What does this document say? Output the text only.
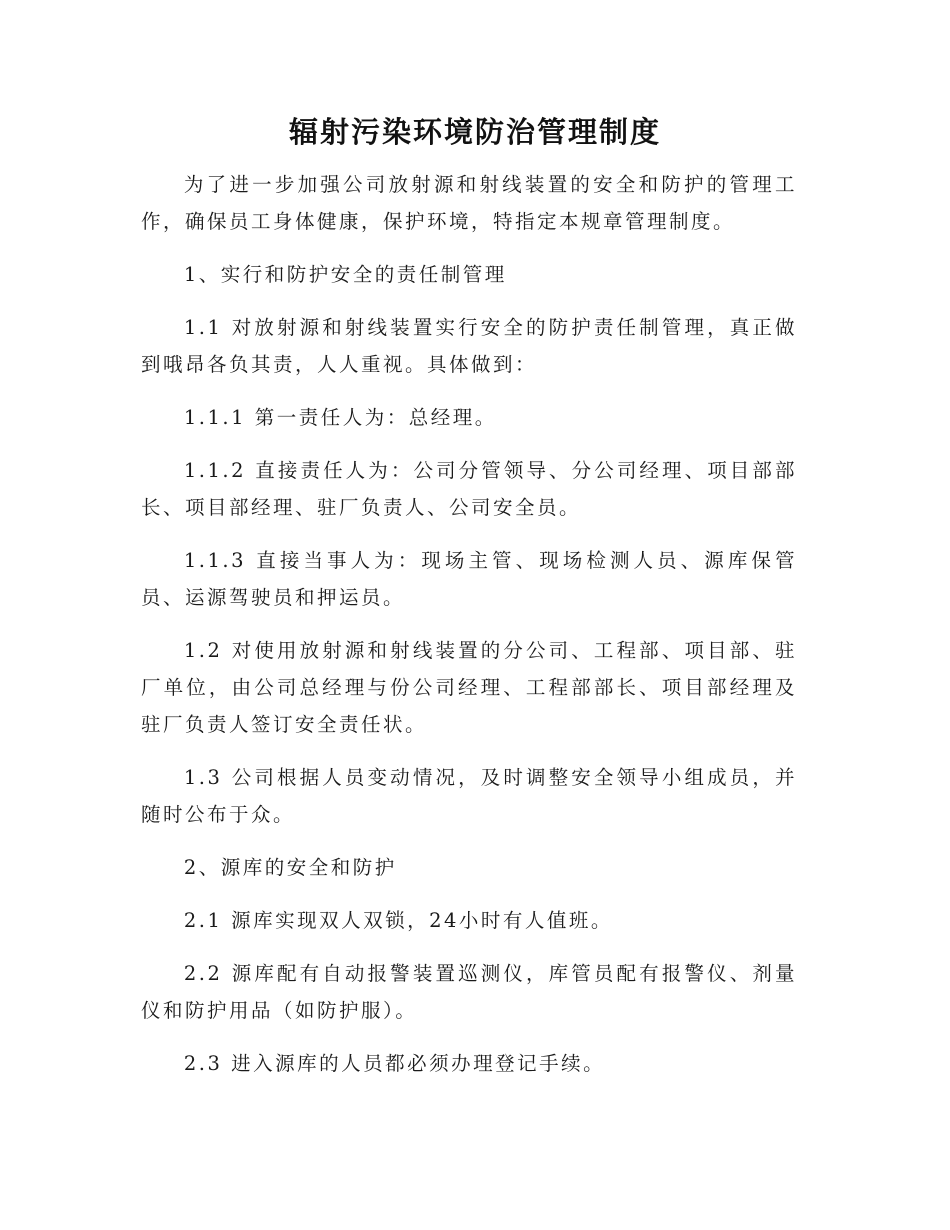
辐射污染环境防治管理制度

为了进一步加强公司放射源和射线装置的安全和防护的管理工作，确保员工身体健康，保护环境，特指定本规章管理制度。

1、实行和防护安全的责任制管理

1.1 对放射源和射线装置实行安全的防护责任制管理，真正做到哦昂各负其责，人人重视。具体做到：

1.1.1 第一责任人为：总经理。

1.1.2 直接责任人为：公司分管领导、分公司经理、项目部部长、项目部经理、驻厂负责人、公司安全员。

1.1.3 直接当事人为：现场主管、现场检测人员、源库保管员、运源驾驶员和押运员。

1.2 对使用放射源和射线装置的分公司、工程部、项目部、驻厂单位，由公司总经理与份公司经理、工程部部长、项目部经理及驻厂负责人签订安全责任状。

1.3 公司根据人员变动情况，及时调整安全领导小组成员，并随时公布于众。

2、源库的安全和防护

2.1 源库实现双人双锁，24小时有人值班。

2.2 源库配有自动报警装置巡测仪，库管员配有报警仪、剂量仪和防护用品（如防护服）。

2.3 进入源库的人员都必须办理登记手续。
